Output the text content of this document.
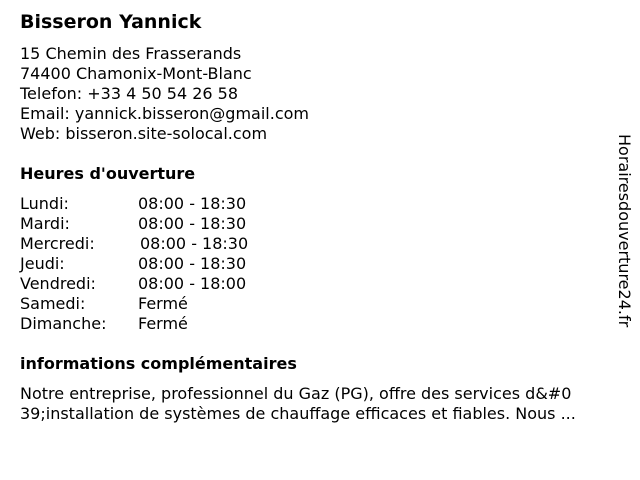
Bisseron Yannick
15 Chemin des Frasserands
74400 Chamonix-Mont-Blanc
Telefon: +33 4 50 54 26 58
Email: yannick.bisseron@gmail.com
Web: bisseron.site-solocal.com
Heures d'ouverture
Lundi:	08:00 - 18:30
Mardi:	08:00 - 18:30
Mercredi:	08:00 - 18:30
Jeudi:	08:00 - 18:30
Vendredi:	08:00 - 18:00
Samedi:	Fermé
Dimanche: Fermé
informations complémentaires
Notre entreprise, professionnel du Gaz (PG), offre des services d&#0
39;installation de systèmes de chauffage efficaces et fiables. Nous ...
Horairesdouverture24.fr
